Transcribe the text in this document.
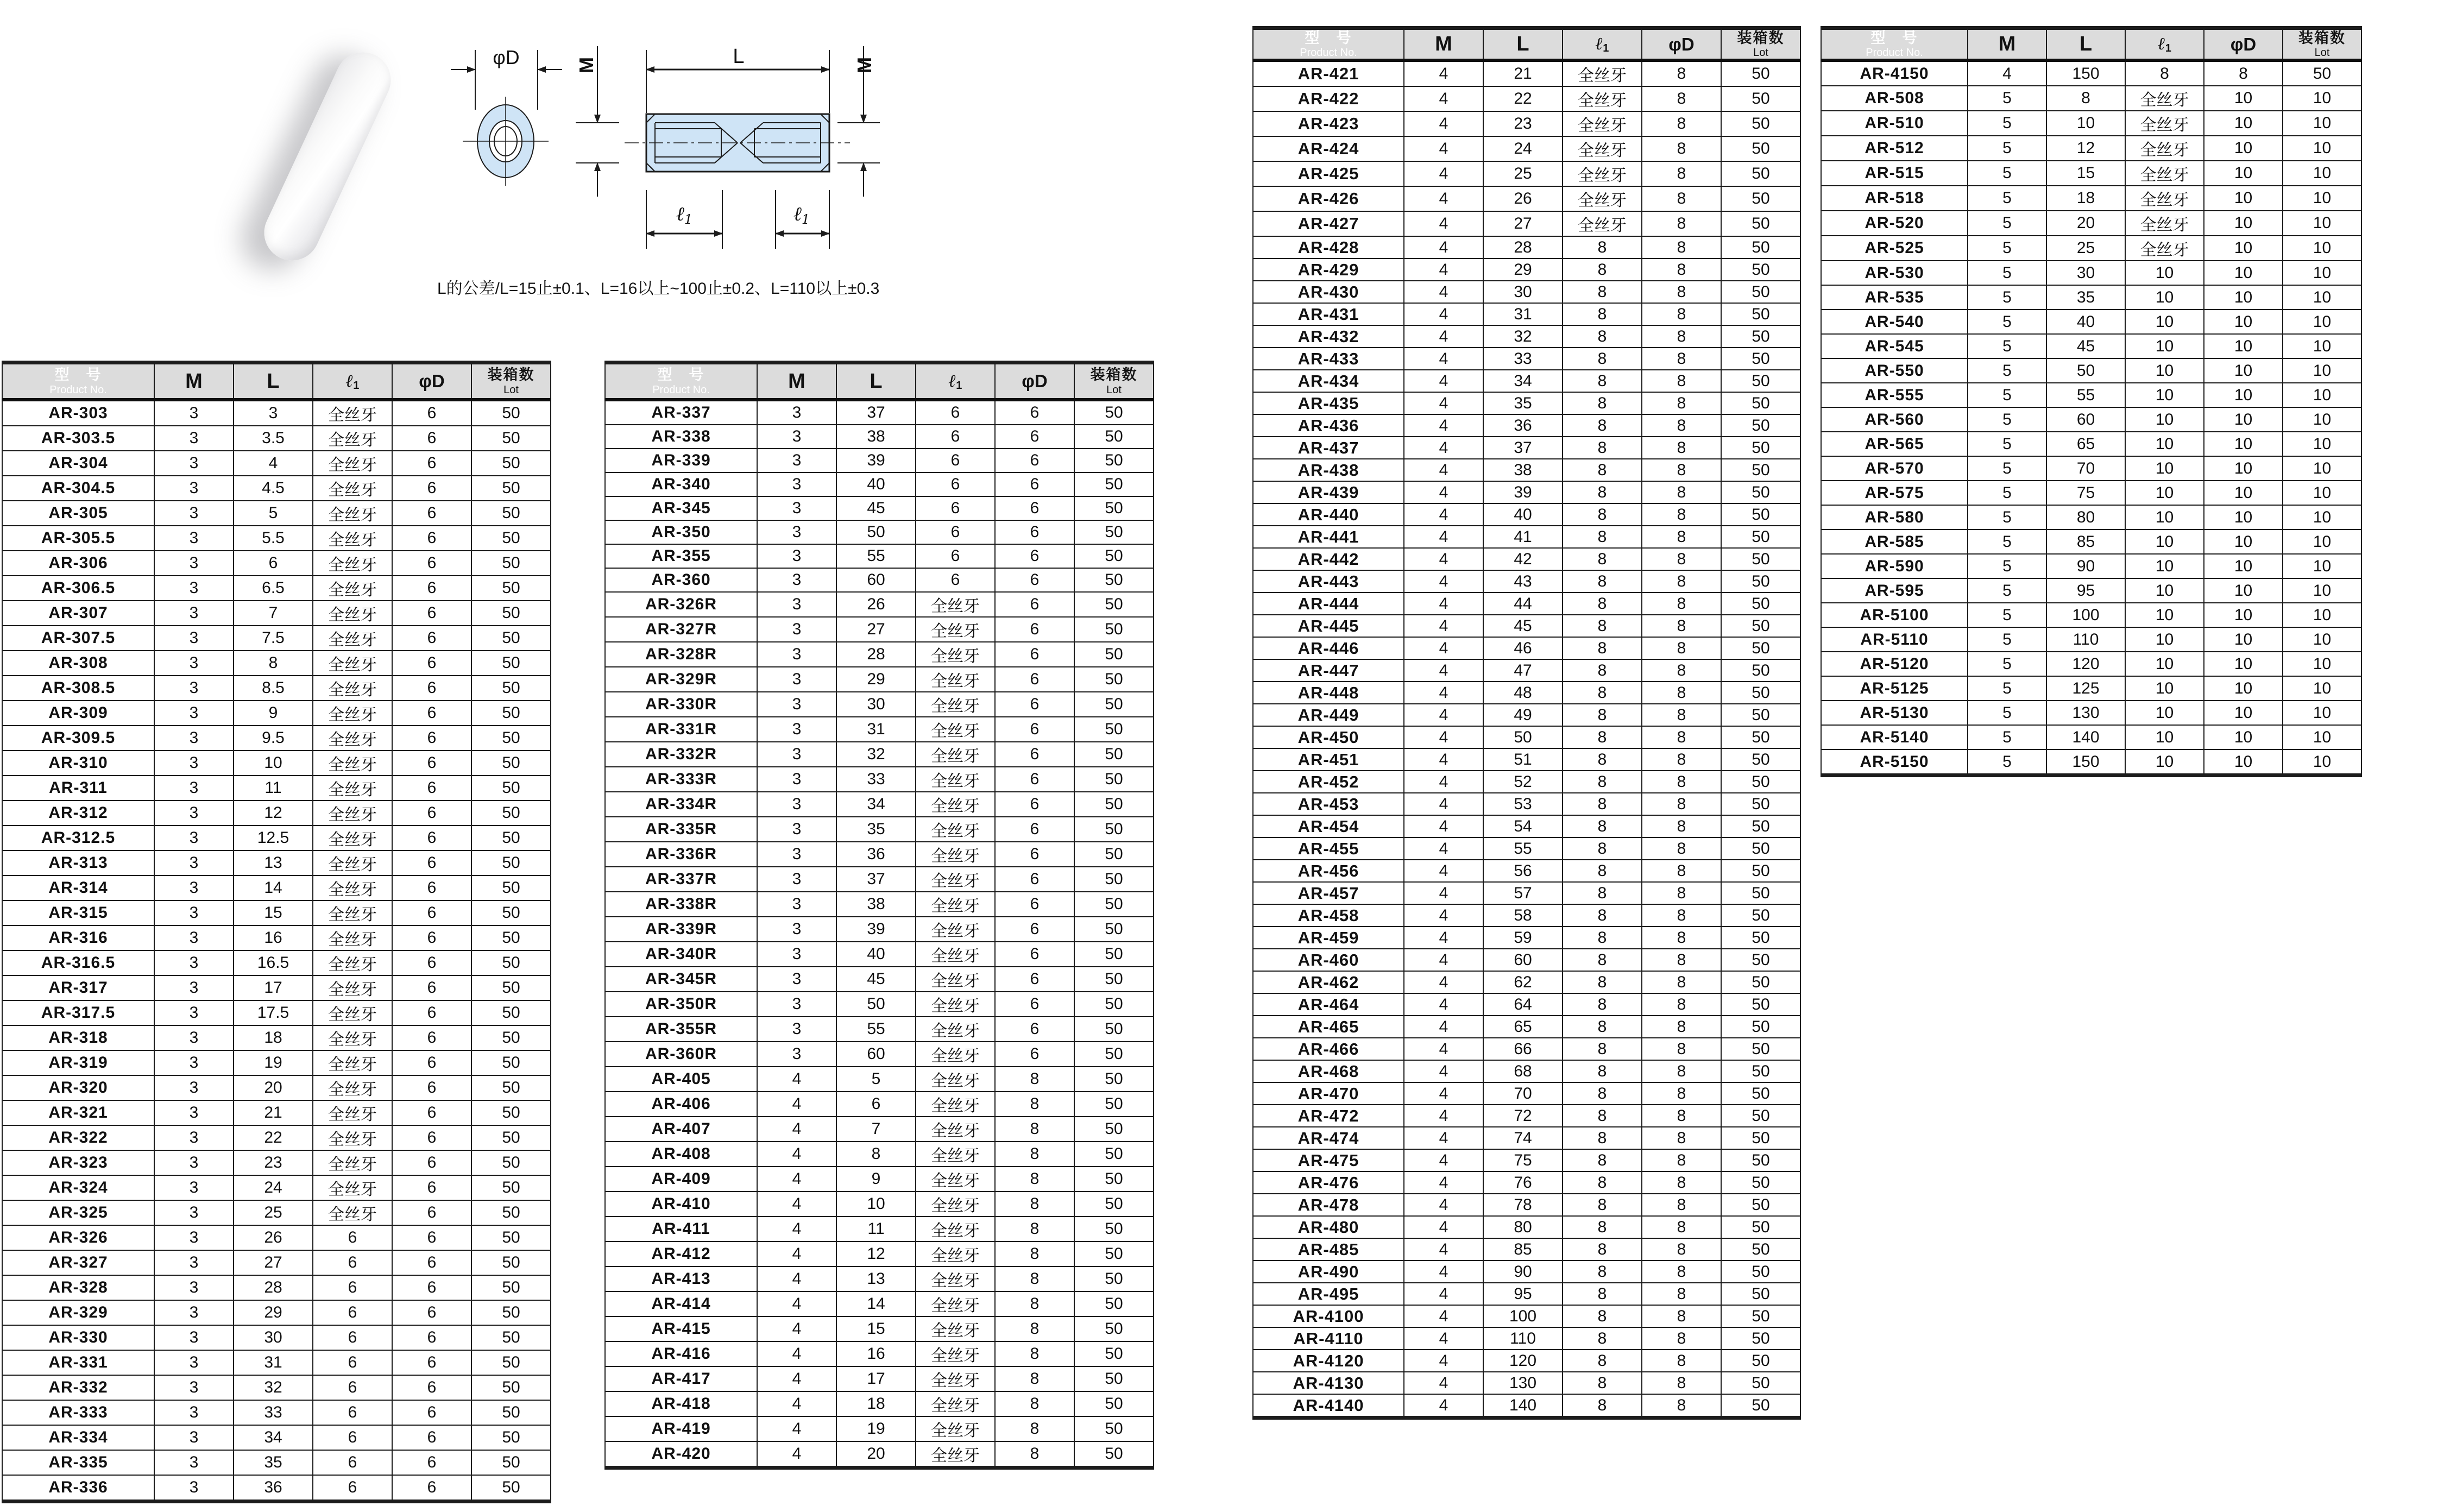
φD	L
M	M
ℓ1	ℓ1
L的公差/L=15止±0.1、L=16以上~100止±0.2、L=110以上±0.3
型　号
Product No.	M	L	ℓ$_1$	φD	装箱数
Lot

AR-303	3	3	全丝牙	6	50
AR-303.5	3	3.5	全丝牙	6	50
AR-304	3	4	全丝牙	6	50
AR-304.5	3	4.5	全丝牙	6	50
AR-305	3	5	全丝牙	6	50
AR-305.5	3	5.5	全丝牙	6	50
AR-306	3	6	全丝牙	6	50
AR-306.5	3	6.5	全丝牙	6	50
AR-307	3	7	全丝牙	6	50
AR-307.5	3	7.5	全丝牙	6	50
AR-308	3	8	全丝牙	6	50
AR-308.5	3	8.5	全丝牙	6	50
AR-309	3	9	全丝牙	6	50
AR-309.5	3	9.5	全丝牙	6	50
AR-310	3	10	全丝牙	6	50
AR-311	3	11	全丝牙	6	50
AR-312	3	12	全丝牙	6	50
AR-312.5	3	12.5	全丝牙	6	50
AR-313	3	13	全丝牙	6	50
AR-314	3	14	全丝牙	6	50
AR-315	3	15	全丝牙	6	50
AR-316	3	16	全丝牙	6	50
AR-316.5	3	16.5	全丝牙	6	50
AR-317	3	17	全丝牙	6	50
AR-317.5	3	17.5	全丝牙	6	50
AR-318	3	18	全丝牙	6	50
AR-319	3	19	全丝牙	6	50
AR-320	3	20	全丝牙	6	50
AR-321	3	21	全丝牙	6	50
AR-322	3	22	全丝牙	6	50
AR-323	3	23	全丝牙	6	50
AR-324	3	24	全丝牙	6	50
AR-325	3	25	全丝牙	6	50
AR-326	3	26	6	6	50
AR-327	3	27	6	6	50
AR-328	3	28	6	6	50
AR-329	3	29	6	6	50
AR-330	3	30	6	6	50
AR-331	3	31	6	6	50
AR-332	3	32	6	6	50
AR-333	3	33	6	6	50
AR-334	3	34	6	6	50
AR-335	3	35	6	6	50
AR-336	3	36	6	6	50
型　号
Product No.	M	L	ℓ$_1$	φD	装箱数
Lot

AR-337	3	37	6	6	50
AR-338	3	38	6	6	50
AR-339	3	39	6	6	50
AR-340	3	40	6	6	50
AR-345	3	45	6	6	50
AR-350	3	50	6	6	50
AR-355	3	55	6	6	50
AR-360	3	60	6	6	50
AR-326R	3	26	全丝牙	6	50
AR-327R	3	27	全丝牙	6	50
AR-328R	3	28	全丝牙	6	50
AR-329R	3	29	全丝牙	6	50
AR-330R	3	30	全丝牙	6	50
AR-331R	3	31	全丝牙	6	50
AR-332R	3	32	全丝牙	6	50
AR-333R	3	33	全丝牙	6	50
AR-334R	3	34	全丝牙	6	50
AR-335R	3	35	全丝牙	6	50
AR-336R	3	36	全丝牙	6	50
AR-337R	3	37	全丝牙	6	50
AR-338R	3	38	全丝牙	6	50
AR-339R	3	39	全丝牙	6	50
AR-340R	3	40	全丝牙	6	50
AR-345R	3	45	全丝牙	6	50
AR-350R	3	50	全丝牙	6	50
AR-355R	3	55	全丝牙	6	50
AR-360R	3	60	全丝牙	6	50
AR-405	4	5	全丝牙	8	50
AR-406	4	6	全丝牙	8	50
AR-407	4	7	全丝牙	8	50
AR-408	4	8	全丝牙	8	50
AR-409	4	9	全丝牙	8	50
AR-410	4	10	全丝牙	8	50
AR-411	4	11	全丝牙	8	50
AR-412	4	12	全丝牙	8	50
AR-413	4	13	全丝牙	8	50
AR-414	4	14	全丝牙	8	50
AR-415	4	15	全丝牙	8	50
AR-416	4	16	全丝牙	8	50
AR-417	4	17	全丝牙	8	50
AR-418	4	18	全丝牙	8	50
AR-419	4	19	全丝牙	8	50
AR-420	4	20	全丝牙	8	50
型　号
Product No.	M	L	ℓ$_1$	φD	装箱数
Lot

AR-421	4	21	全丝牙	8	50
AR-422	4	22	全丝牙	8	50
AR-423	4	23	全丝牙	8	50
AR-424	4	24	全丝牙	8	50
AR-425	4	25	全丝牙	8	50
AR-426	4	26	全丝牙	8	50
AR-427	4	27	全丝牙	8	50
AR-428	4	28	8	8	50
AR-429	4	29	8	8	50
AR-430	4	30	8	8	50
AR-431	4	31	8	8	50
AR-432	4	32	8	8	50
AR-433	4	33	8	8	50
AR-434	4	34	8	8	50
AR-435	4	35	8	8	50
AR-436	4	36	8	8	50
AR-437	4	37	8	8	50
AR-438	4	38	8	8	50
AR-439	4	39	8	8	50
AR-440	4	40	8	8	50
AR-441	4	41	8	8	50
AR-442	4	42	8	8	50
AR-443	4	43	8	8	50
AR-444	4	44	8	8	50
AR-445	4	45	8	8	50
AR-446	4	46	8	8	50
AR-447	4	47	8	8	50
AR-448	4	48	8	8	50
AR-449	4	49	8	8	50
AR-450	4	50	8	8	50
AR-451	4	51	8	8	50
AR-452	4	52	8	8	50
AR-453	4	53	8	8	50
AR-454	4	54	8	8	50
AR-455	4	55	8	8	50
AR-456	4	56	8	8	50
AR-457	4	57	8	8	50
AR-458	4	58	8	8	50
AR-459	4	59	8	8	50
AR-460	4	60	8	8	50
AR-462	4	62	8	8	50
AR-464	4	64	8	8	50
AR-465	4	65	8	8	50
AR-466	4	66	8	8	50
AR-468	4	68	8	8	50
AR-470	4	70	8	8	50
AR-472	4	72	8	8	50
AR-474	4	74	8	8	50
AR-475	4	75	8	8	50
AR-476	4	76	8	8	50
AR-478	4	78	8	8	50
AR-480	4	80	8	8	50
AR-485	4	85	8	8	50
AR-490	4	90	8	8	50
AR-495	4	95	8	8	50
AR-4100	4	100	8	8	50
AR-4110	4	110	8	8	50
AR-4120	4	120	8	8	50
AR-4130	4	130	8	8	50
AR-4140	4	140	8	8	50
型　号
Product No.	M	L	ℓ$_1$	φD	装箱数
Lot

AR-4150	4	150	8	8	50
AR-508	5	8	全丝牙	10	10
AR-510	5	10	全丝牙	10	10
AR-512	5	12	全丝牙	10	10
AR-515	5	15	全丝牙	10	10
AR-518	5	18	全丝牙	10	10
AR-520	5	20	全丝牙	10	10
AR-525	5	25	全丝牙	10	10
AR-530	5	30	10	10	10
AR-535	5	35	10	10	10
AR-540	5	40	10	10	10
AR-545	5	45	10	10	10
AR-550	5	50	10	10	10
AR-555	5	55	10	10	10
AR-560	5	60	10	10	10
AR-565	5	65	10	10	10
AR-570	5	70	10	10	10
AR-575	5	75	10	10	10
AR-580	5	80	10	10	10
AR-585	5	85	10	10	10
AR-590	5	90	10	10	10
AR-595	5	95	10	10	10
AR-5100	5	100	10	10	10
AR-5110	5	110	10	10	10
AR-5120	5	120	10	10	10
AR-5125	5	125	10	10	10
AR-5130	5	130	10	10	10
AR-5140	5	140	10	10	10
AR-5150	5	150	10	10	10
